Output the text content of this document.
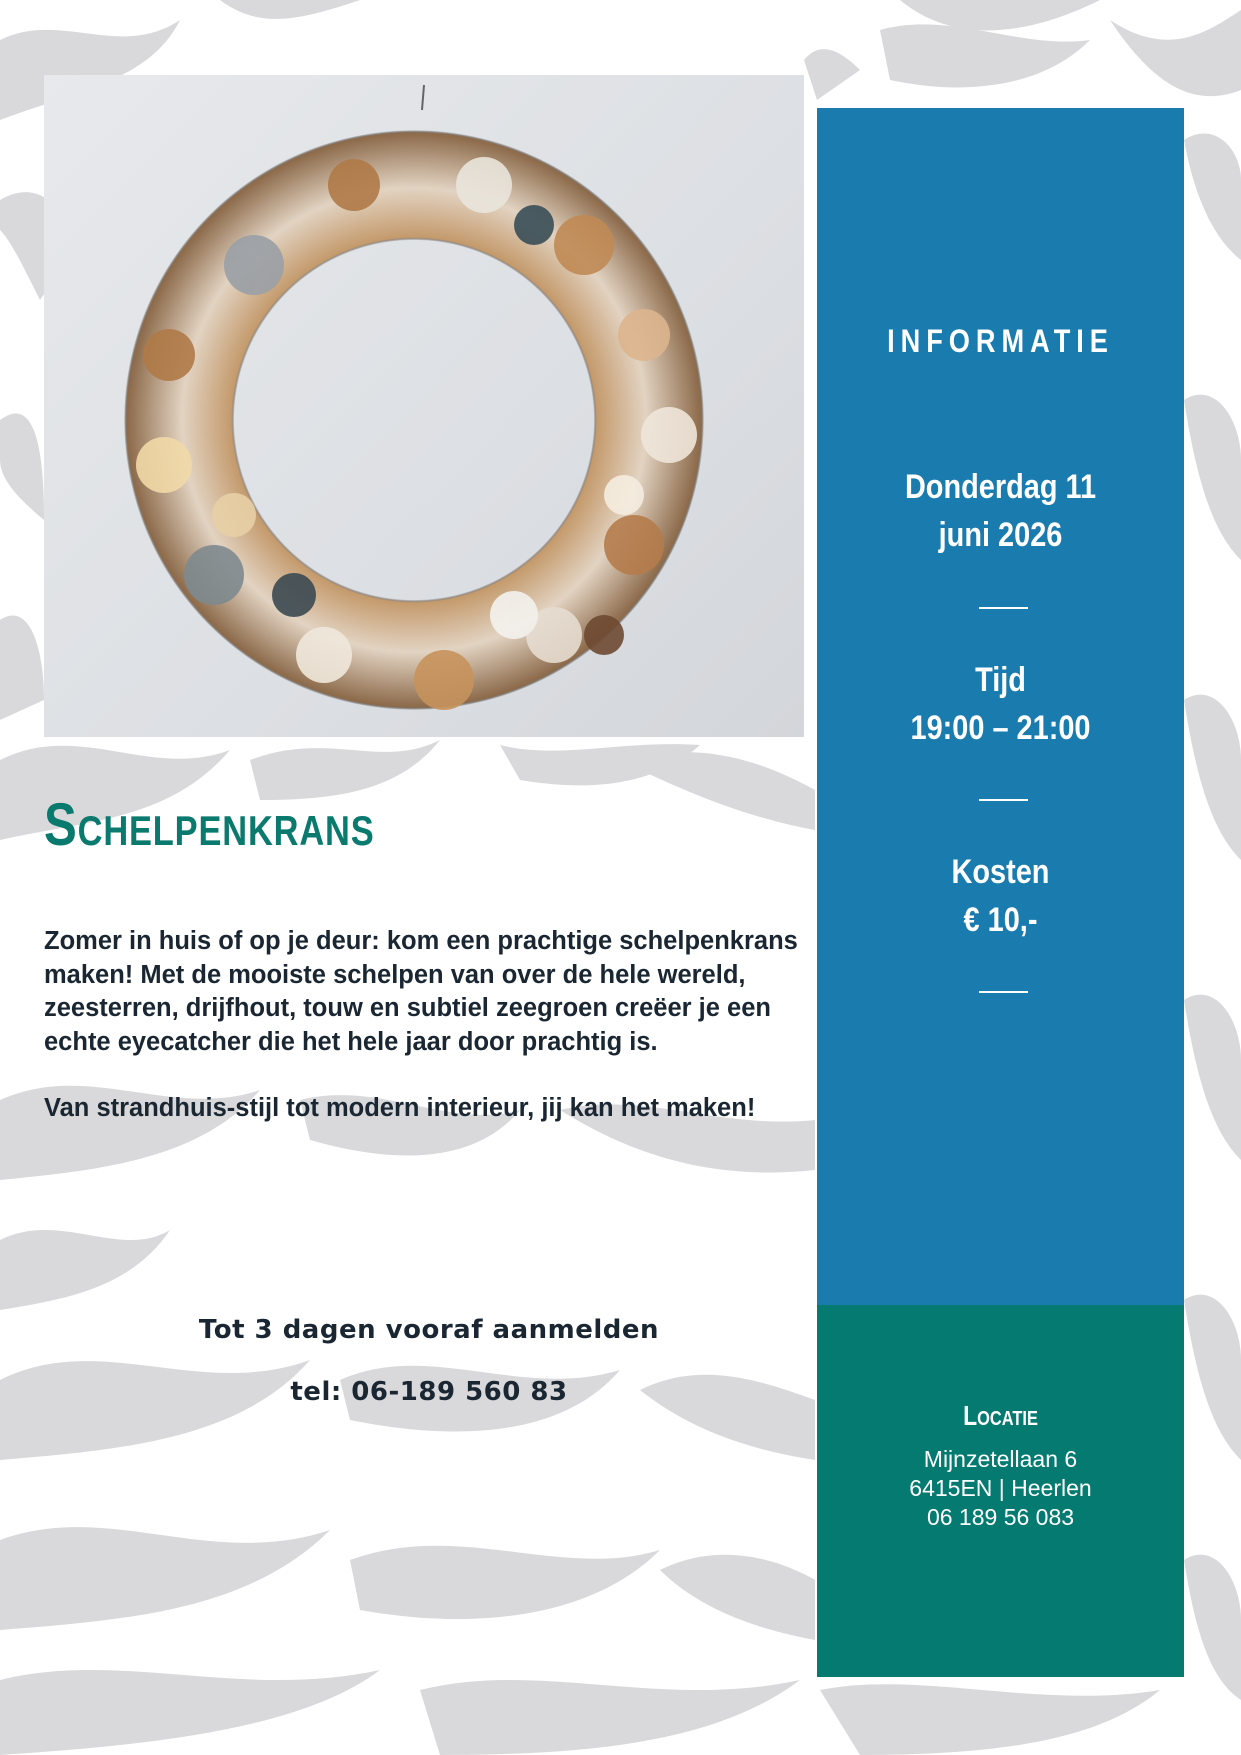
Schelpenkrans

Zomer in huis of op je deur: kom een prachtige schelpenkrans maken! Met de mooiste schelpen van over de hele wereld, zeesterren, drijfhout, touw en subtiel zeegroen creëer je een echte eyecatcher die het hele jaar door prachtig is.

Van strandhuis-stijl tot modern interieur, jij kan het maken!

Tot 3 dagen vooraf aanmelden
tel: 06-189 560 83
INFORMATIE
Donderdag 11
juni 2026
Tijd
19:00 – 21:00
Kosten
€ 10,-
Locatie
Mijnzetellaan 6
6415EN | Heerlen
06 189 56 083
